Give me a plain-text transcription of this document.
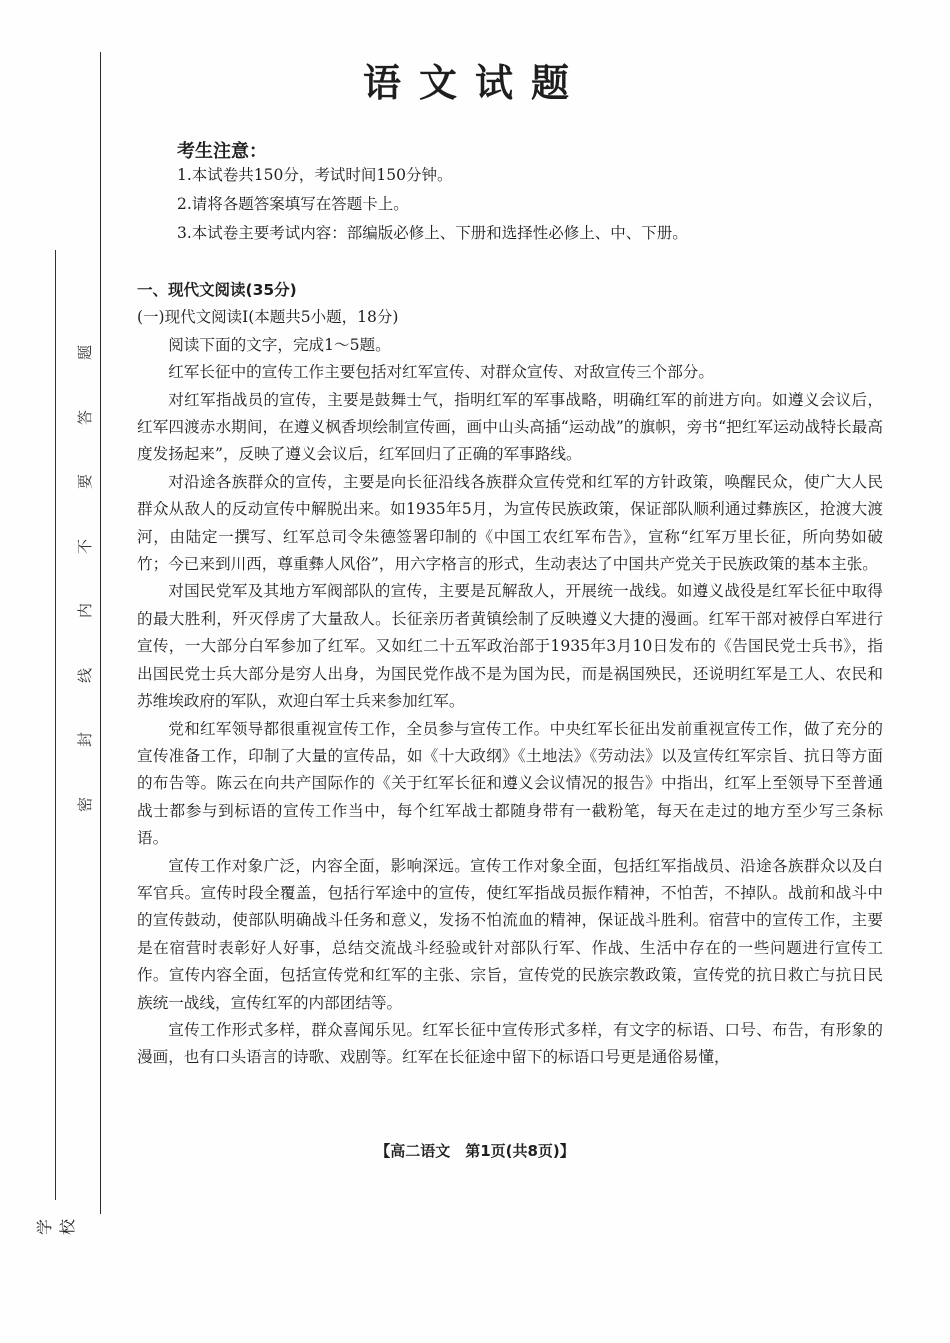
题
答
要
不
内
线
封
密
学校
语文试题
考生注意：
1.本试卷共150分，考试时间150分钟。
2.请将各题答案填写在答题卡上。
3.本试卷主要考试内容：部编版必修上、下册和选择性必修上、中、下册。
一、现代文阅读(35分)
(一)现代文阅读Ⅰ(本题共5小题，18分)
阅读下面的文字，完成1～5题。
红军长征中的宣传工作主要包括对红军宣传、对群众宣传、对敌宣传三个部分。
对红军指战员的宣传，主要是鼓舞士气，指明红军的军事战略，明确红军的前进方向。如遵义会议后，红军四渡赤水期间，在遵义枫香坝绘制宣传画，画中山头高插“运动战”的旗帜，旁书“把红军运动战特长最高度发扬起来”，反映了遵义会议后，红军回归了正确的军事路线。
对沿途各族群众的宣传，主要是向长征沿线各族群众宣传党和红军的方针政策，唤醒民众，使广大人民群众从敌人的反动宣传中解脱出来。如1935年5月，为宣传民族政策，保证部队顺利通过彝族区，抢渡大渡河，由陆定一撰写、红军总司令朱德签署印制的《中国工农红军布告》，宣称“红军万里长征，所向势如破竹；今已来到川西，尊重彝人风俗”，用六字格言的形式，生动表达了中国共产党关于民族政策的基本主张。
对国民党军及其地方军阀部队的宣传，主要是瓦解敌人，开展统一战线。如遵义战役是红军长征中取得的最大胜利，歼灭俘虏了大量敌人。长征亲历者黄镇绘制了反映遵义大捷的漫画。红军干部对被俘白军进行宣传，一大部分白军参加了红军。又如红二十五军政治部于1935年3月10日发布的《告国民党士兵书》，指出国民党士兵大部分是穷人出身，为国民党作战不是为国为民，而是祸国殃民，还说明红军是工人、农民和苏维埃政府的军队，欢迎白军士兵来参加红军。
党和红军领导都很重视宣传工作，全员参与宣传工作。中央红军长征出发前重视宣传工作，做了充分的宣传准备工作，印制了大量的宣传品，如《十大政纲》《土地法》《劳动法》以及宣传红军宗旨、抗日等方面的布告等。陈云在向共产国际作的《关于红军长征和遵义会议情况的报告》中指出，红军上至领导下至普通战士都参与到标语的宣传工作当中，每个红军战士都随身带有一截粉笔，每天在走过的地方至少写三条标语。
宣传工作对象广泛，内容全面，影响深远。宣传工作对象全面，包括红军指战员、沿途各族群众以及白军官兵。宣传时段全覆盖，包括行军途中的宣传，使红军指战员振作精神，不怕苦，不掉队。战前和战斗中的宣传鼓动，使部队明确战斗任务和意义，发扬不怕流血的精神，保证战斗胜利。宿营中的宣传工作，主要是在宿营时表彰好人好事，总结交流战斗经验或针对部队行军、作战、生活中存在的一些问题进行宣传工作。宣传内容全面，包括宣传党和红军的主张、宗旨，宣传党的民族宗教政策，宣传党的抗日救亡与抗日民族统一战线，宣传红军的内部团结等。
宣传工作形式多样，群众喜闻乐见。红军长征中宣传形式多样，有文字的标语、口号、布告，有形象的漫画，也有口头语言的诗歌、戏剧等。红军在长征途中留下的标语口号更是通俗易懂，
【高二语文　第1页(共8页)】
